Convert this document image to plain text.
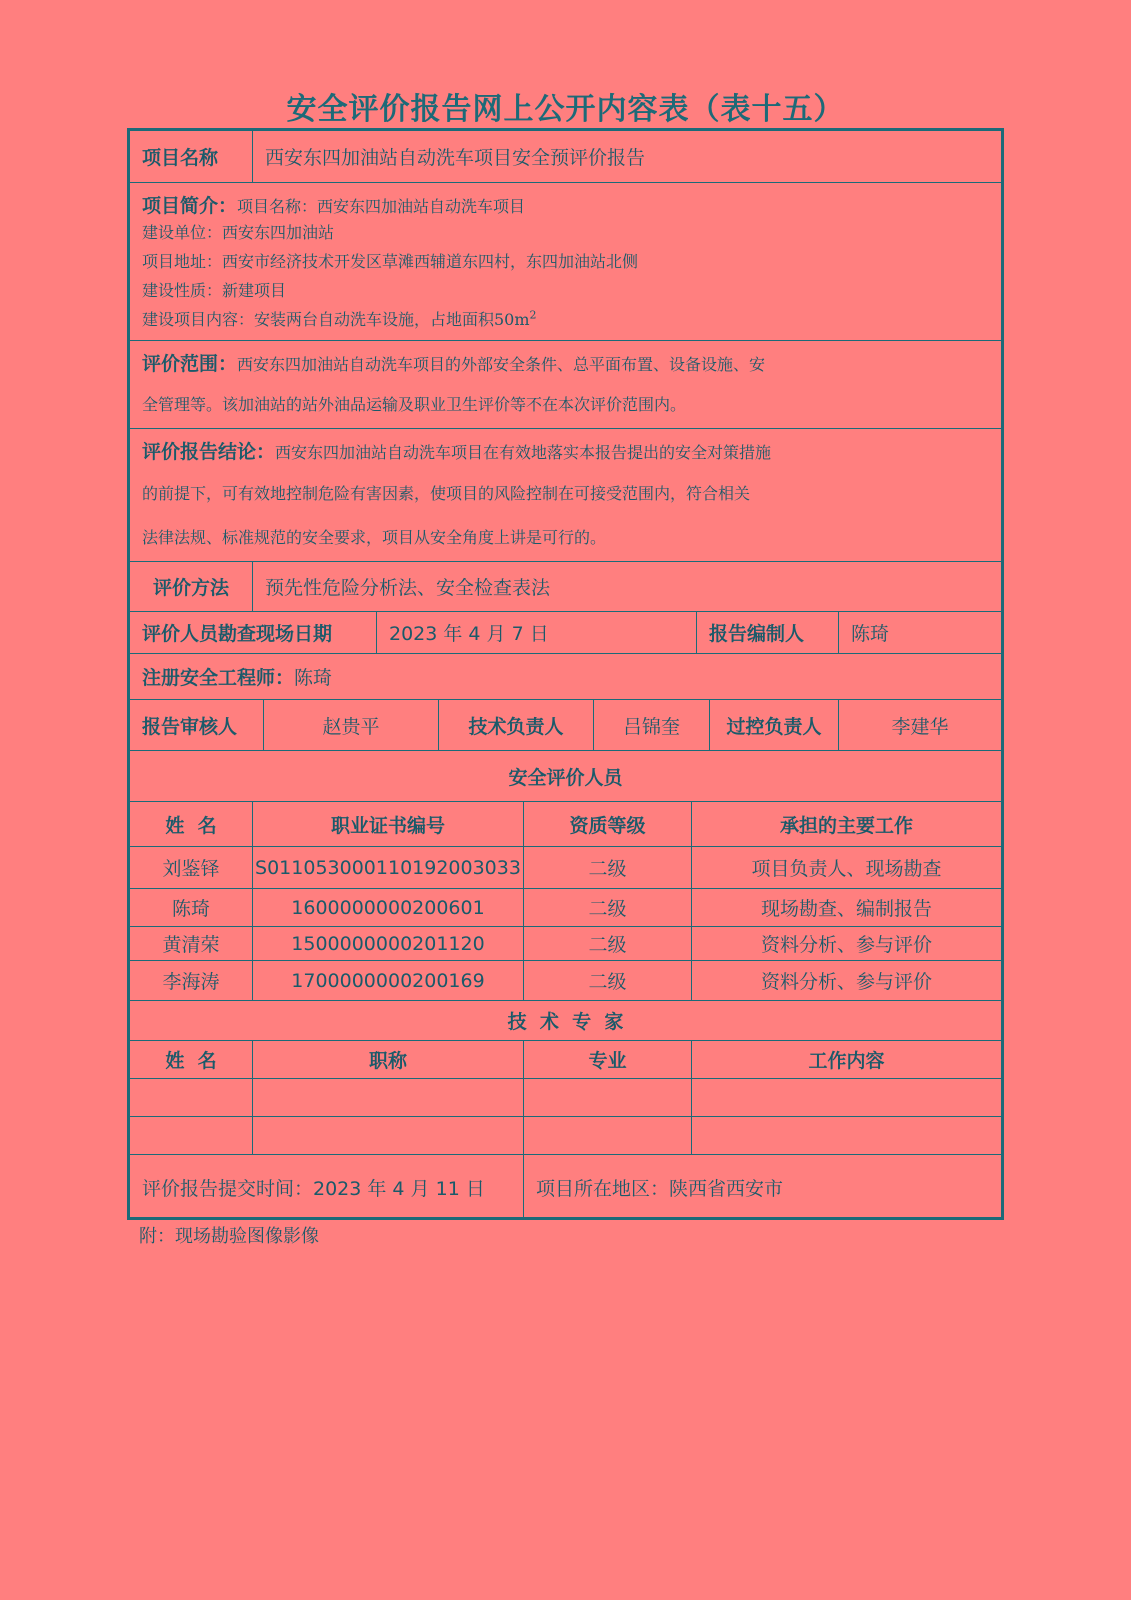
安全评价报告网上公开内容表（表十五）
项目名称	西安东四加油站自动洗车项目安全预评价报告
项目简介：项目名称：西安东四加油站自动洗车项目
建设单位：西安东四加油站
项目地址：西安市经济技术开发区草滩西辅道东四村，东四加油站北侧
建设性质：新建项目
建设项目内容：安装两台自动洗车设施，占地面积$50m^2$
评价范围：西安东四加油站自动洗车项目的外部安全条件、总平面布置、设备设施、安
全管理等。该加油站的站外油品运输及职业卫生评价等不在本次评价范围内。
评价报告结论：西安东四加油站自动洗车项目在有效地落实本报告提出的安全对策措施
的前提下，可有效地控制危险有害因素，使项目的风险控制在可接受范围内，符合相关
法律法规、标准规范的安全要求，项目从安全角度上讲是可行的。
评价方法	预先性危险分析法、安全检查表法
评价人员勘查现场日期	2023 年 4 月 7 日	报告编制人	陈琦
注册安全工程师： 陈琦
报告审核人	赵贵平	技术负责人	吕锦奎	过控负责人	李建华
安全评价人员
姓  名	职业证书编号	资质等级	承担的主要工作
刘鉴铎	S011053000110192003033	二级	项目负责人、现场勘查
陈琦	1600000000200601	二级	现场勘查、编制报告
黄清荣	1500000000201120	二级	资料分析、参与评价
李海涛	1700000000200169	二级	资料分析、参与评价
技  术  专  家
姓  名	职称	专业	工作内容
评价报告提交时间：2023 年 4 月 11 日	项目所在地区：陕西省西安市
附：现场勘验图像影像
